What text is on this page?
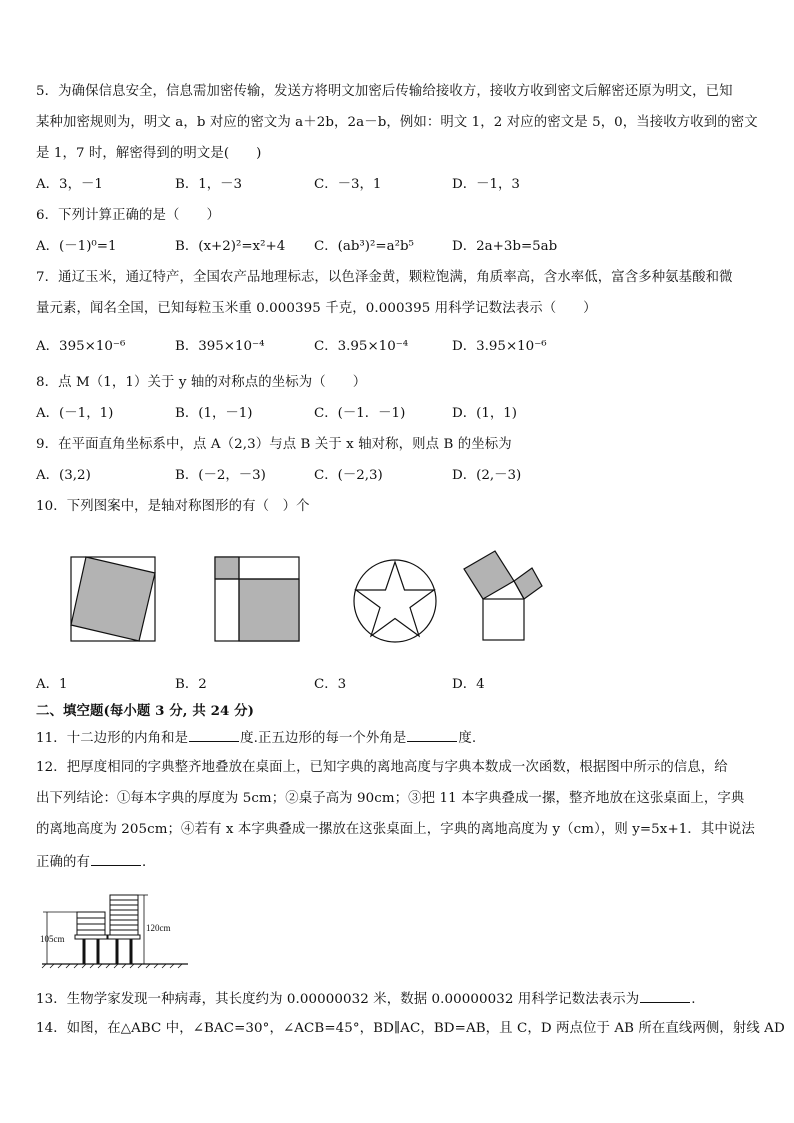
5．为确保信息安全，信息需加密传输，发送方将明文加密后传输给接收方，接收方收到密文后解密还原为明文，已知
某种加密规则为，明文 a，b 对应的密文为 a＋2b，2a－b，例如：明文 1，2 对应的密文是 5，0，当接收方收到的密文
是 1，7 时，解密得到的明文是(　　)
A．3，－1	B．1，－3	C．－3，1	D．－1，3
6．下列计算正确的是（　　）
A．(－1)⁰=1	B．(x+2)²=x²+4 C．(ab³)²=a²b⁵	D．2a+3b=5ab
7．通辽玉米，通辽特产，全国农产品地理标志，以色泽金黄，颗粒饱满，角质率高，含水率低，富含多种氨基酸和微
量元素，闻名全国，已知每粒玉米重 0.000395 千克，0.000395 用科学记数法表示（　　）
A．395×10⁻⁶	B．395×10⁻⁴	C．3.95×10⁻⁴	D．3.95×10⁻⁶
8．点 M（1，1）关于 y 轴的对称点的坐标为（　　）
A．(－1，1)	B．(1，－1)	C．(－1．－1)	D．(1，1)
9．在平面直角坐标系中，点 A（2,3）与点 B 关于 x 轴对称，则点 B 的坐标为
A．(3,2)	B．(－2，－3)	C．(－2,3)	D．(2,－3)
10．下列图案中，是轴对称图形的有（　）个
A．1	B．2	C．3	D．4
二、填空题(每小题 3 分, 共 24 分)
11．十二边形的内角和是	度.正五边形的每一个外角是	度.
12．把厚度相同的字典整齐地叠放在桌面上，已知字典的离地高度与字典本数成一次函数，根据图中所示的信息，给
出下列结论：①每本字典的厚度为 5cm；②桌子高为 90cm；③把 11 本字典叠成一摞，整齐地放在这张桌面上，字典
的离地高度为 205cm；④若有 x 本字典叠成一摞放在这张桌面上，字典的离地高度为 y（cm），则 y=5x+1．其中说法
正确的有	．
105cm
120cm
13．生物学家发现一种病毒，其长度约为 0.00000032 米，数据 0.00000032 用科学记数法表示为	.
14．如图，在△ABC 中，∠BAC=30°，∠ACB=45°，BD∥AC，BD=AB，且 C，D 两点位于 AB 所在直线两侧，射线 AD
